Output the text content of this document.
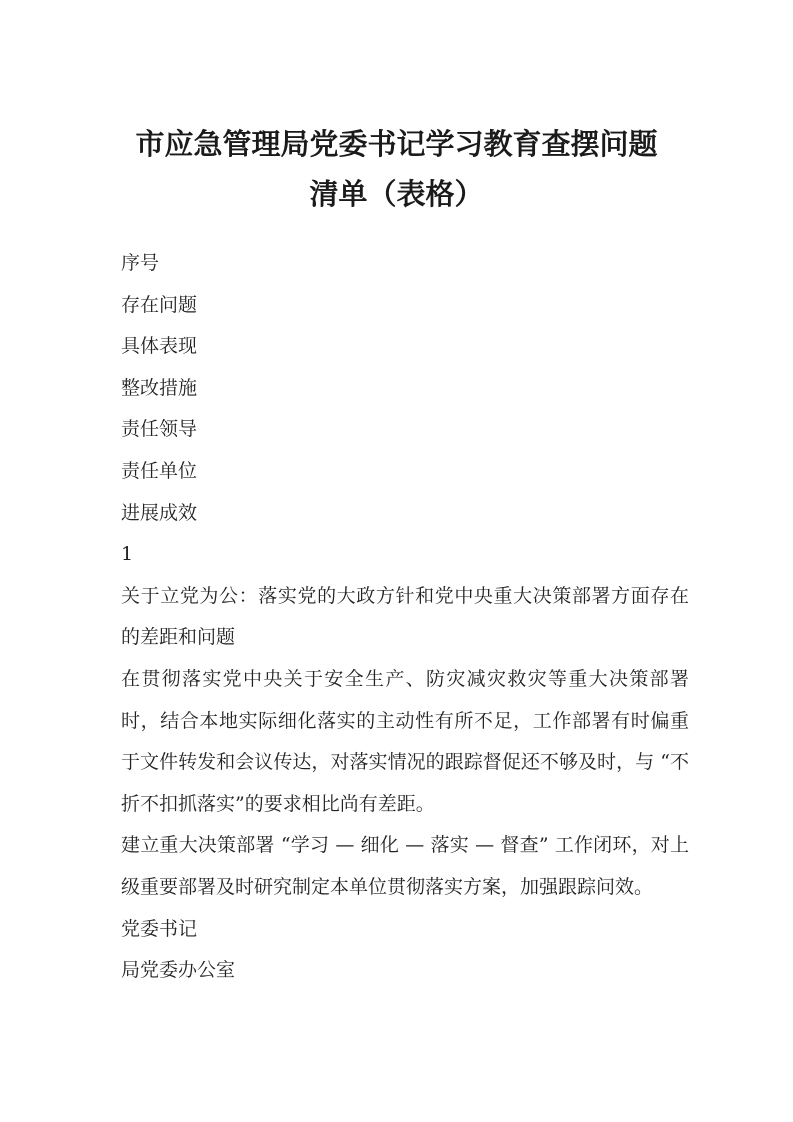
市应急管理局党委书记学习教育查摆问题
清单（表格）

序号

存在问题

具体表现

整改措施

责任领导

责任单位

进展成效

1

关于立党为公：落实党的大政方针和党中央重大决策部署方面存在的差距和问题

在贯彻落实党中央关于安全生产、防灾减灾救灾等重大决策部署时，结合本地实际细化落实的主动性有所不足，工作部署有时偏重于文件转发和会议传达，对落实情况的跟踪督促还不够及时，与 “不折不扣抓落实”的要求相比尚有差距。

建立重大决策部署 “学习 — 细化 — 落实 — 督查” 工作闭环，对上级重要部署及时研究制定本单位贯彻落实方案，加强跟踪问效。

党委书记

局党委办公室
